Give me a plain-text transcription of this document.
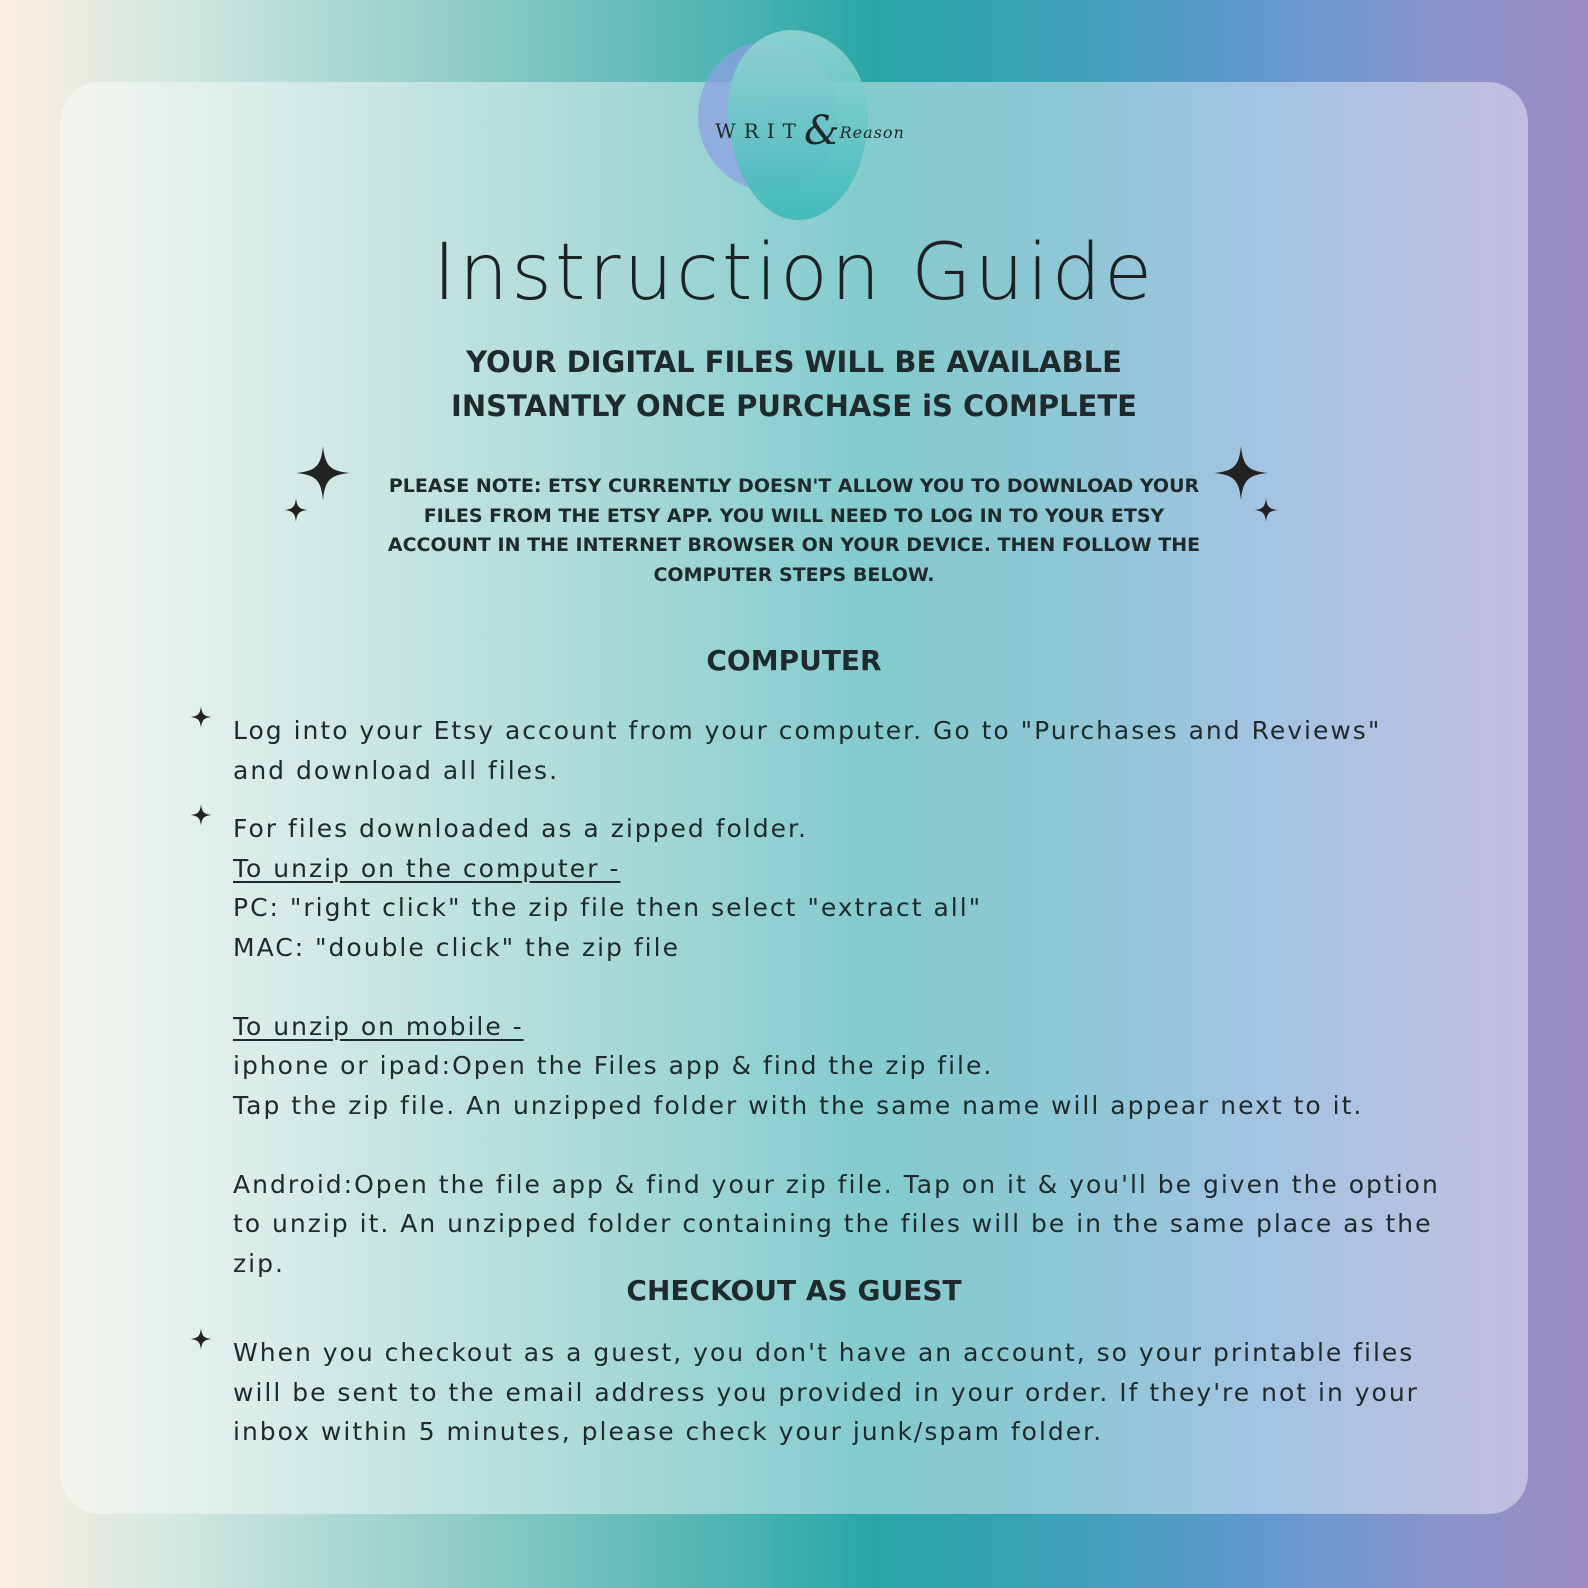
WRIT&Reason
Instruction Guide
YOUR DIGITAL FILES WILL BE AVAILABLE
INSTANTLY ONCE PURCHASE iS COMPLETE
PLEASE NOTE: ETSY CURRENTLY DOESN'T ALLOW YOU TO DOWNLOAD YOUR
FILES FROM THE ETSY APP. YOU WILL NEED TO LOG IN TO YOUR ETSY
ACCOUNT IN THE INTERNET BROWSER ON YOUR DEVICE. THEN FOLLOW THE
COMPUTER STEPS BELOW.
COMPUTER
Log into your Etsy account from your computer. Go to "Purchases and Reviews"
and download all files.
For files downloaded as a zipped folder.
To unzip on the computer -
PC: "right click" the zip file then select "extract all"
MAC: "double click" the zip file

To unzip on mobile -
iphone or ipad:Open the Files app & find the zip file.
Tap the zip file. An unzipped folder with the same name will appear next to it.

Android:Open the file app & find your zip file. Tap on it & you'll be given the option
to unzip it. An unzipped folder containing the files will be in the same place as the
zip.
CHECKOUT AS GUEST
When you checkout as a guest, you don't have an account, so your printable files
will be sent to the email address you provided in your order. If they're not in your
inbox within 5 minutes, please check your junk/spam folder.
